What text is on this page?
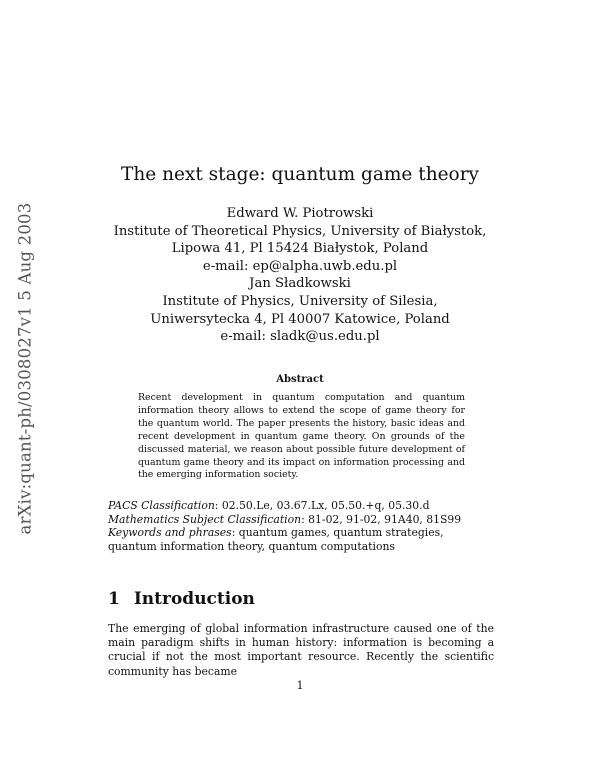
arXiv:quant-ph/0308027v1 5 Aug 2003
The next stage: quantum game theory
Edward W. Piotrowski
Institute of Theoretical Physics, University of Białystok,
Lipowa 41, Pl 15424 Białystok, Poland
e-mail: ep@alpha.uwb.edu.pl
Jan Sładkowski
Institute of Physics, University of Silesia,
Uniwersytecka 4, Pl 40007 Katowice, Poland
e-mail: sladk@us.edu.pl
Abstract
Recent development in quantum computation and quantum information theory allows to extend the scope of game theory for the quantum world. The paper presents the history, basic ideas and recent development in quantum game theory. On grounds of the discussed material, we reason about possible future development of quantum game theory and its impact on information processing and the emerging information society.
PACS Classification: 02.50.Le, 03.67.Lx, 05.50.+q, 05.30.d
Mathematics Subject Classification: 81-02, 91-02, 91A40, 81S99
Keywords and phrases: quantum games, quantum strategies, quantum information theory, quantum computations
1 Introduction
The emerging of global information infrastructure caused one of the main paradigm shifts in human history: information is becoming a crucial if not the most important resource. Recently the scientific community has became
1
